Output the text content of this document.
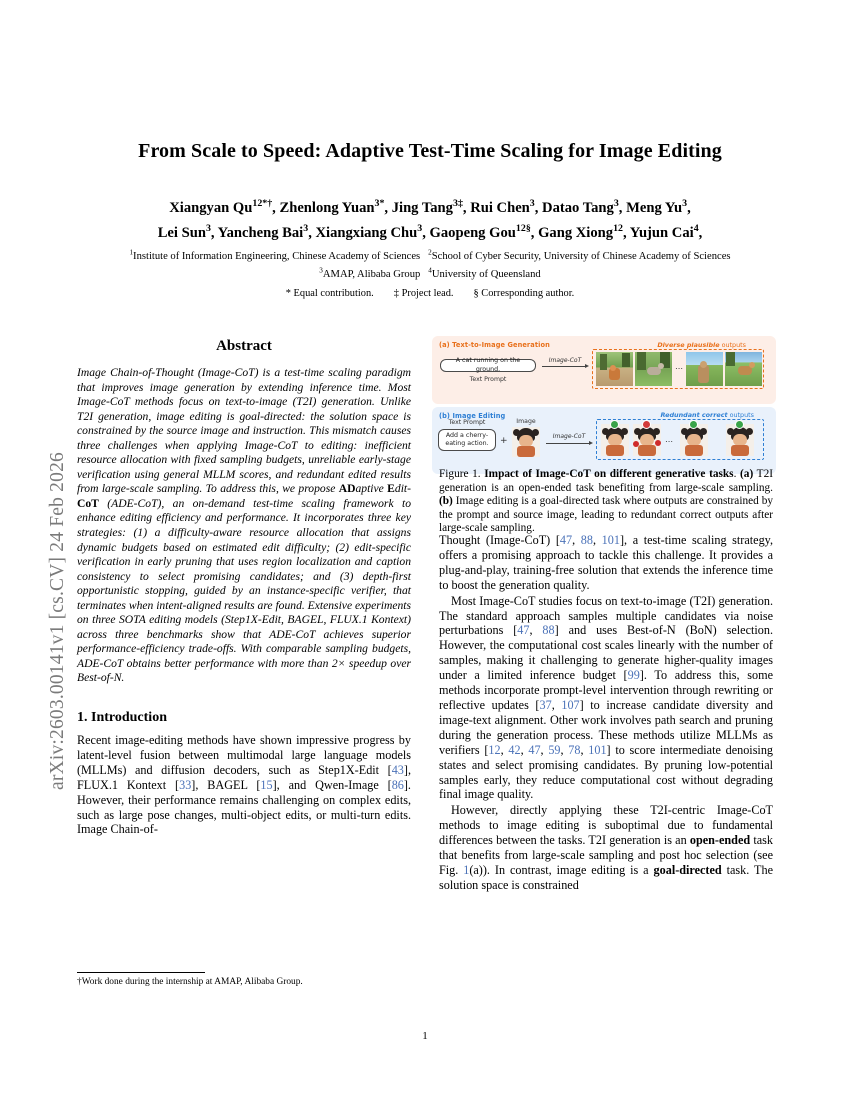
arXiv:2603.00141v1 [cs.CV] 24 Feb 2026
From Scale to Speed: Adaptive Test-Time Scaling for Image Editing
Xiangyan $Qu^{12*\dagger}$, Zhenlong Yuan$^{3*}$, Jing Tang$^{3\ddagger}$, Rui Chen$^3$, Datao Tang$^3$, Meng Yu$^3$,
Lei Sun$^3$, Yancheng Bai$^3$, Xiangxiang Chu$^3$, Gaopeng Gou$^{12\S}$, Gang Xiong$^{12}$, Yujun Cai$^4$,
$^1$Institute of Information Engineering, Chinese Academy of Sciences   $^2$School of Cyber Security, University of Chinese Academy of Sciences
$^3$AMAP, Alibaba Group   $^4$University of Queensland
* Equal contribution. ‡ Project lead. § Corresponding author.
Abstract
Image Chain-of-Thought (Image-CoT) is a test-time scaling paradigm that improves image generation by extending inference time. Most Image-CoT methods focus on text-to-image (T2I) generation. Unlike T2I generation, image editing is goal-directed: the solution space is constrained by the source image and instruction. This mismatch causes three challenges when applying Image-CoT to editing: inefficient resource allocation with fixed sampling budgets, unreliable early-stage verification using general MLLM scores, and redundant edited results from large-scale sampling. To address this, we propose ADaptive Edit-CoT (ADE-CoT), an on-demand test-time scaling framework to enhance editing efficiency and performance. It incorporates three key strategies: (1) a difficulty-aware resource allocation that assigns dynamic budgets based on estimated edit difficulty; (2) edit-specific verification in early pruning that uses region localization and caption consistency to select promising candidates; and (3) depth-first opportunistic stopping, guided by an instance-specific verifier, that terminates when intent-aligned results are found. Extensive experiments on three SOTA editing models (Step1X-Edit, BAGEL, FLUX.1 Kontext) across three benchmarks show that ADE-CoT achieves superior performance-efficiency trade-offs. With comparable sampling budgets, ADE-CoT obtains better performance with more than 2× speedup over Best-of-N.
1. Introduction

Recent image-editing methods have shown impressive progress by latent-level fusion between multimodal large language models (MLLMs) and diffusion decoders, such as Step1X-Edit [43], FLUX.1 Kontext [33], BAGEL [15], and Qwen-Image [86]. However, their performance remains challenging on complex edits, such as large pose changes, multi-object edits, or multi-turn edits. Image Chain-of-

(a) Text-to-Image Generation	Diverse plausible outputs
A cat running on the ground.
Text Prompt
Image-CoT
⋯
(b) Image Editing	Redundant correct outputs
Text Prompt
Add a cherry-eating action.	+
Image
Image-CoT
⋯
Figure 1. Impact of Image-CoT on different generative tasks. (a) T2I generation is an open-ended task benefiting from large-scale sampling. (b) Image editing is a goal-directed task where outputs are constrained by the prompt and source image, leading to redundant correct outputs after large-scale sampling.

Thought (Image-CoT) [47, 88, 101], a test-time scaling strategy, offers a promising approach to tackle this challenge. It provides a plug-and-play, training-free solution that extends the inference time to boost the generation quality.

Most Image-CoT studies focus on text-to-image (T2I) generation. The standard approach samples multiple candidates via noise perturbations [47, 88] and uses Best-of-N (BoN) selection. However, the computational cost scales linearly with the number of samples, making it challenging to generate higher-quality images under a limited inference budget [99]. To address this, some methods incorporate prompt-level intervention through rewriting or reflective updates [37, 107] to increase candidate diversity and image-text alignment. Other work involves path search and pruning during the generation process. These methods utilize MLLMs as verifiers [12, 42, 47, 59, 78, 101] to score intermediate denoising states and select promising candidates. By pruning low-potential samples early, they reduce computational cost without degrading final image quality.

However, directly applying these T2I-centric Image-CoT methods to image editing is suboptimal due to fundamental differences between the tasks. T2I generation is an open-ended task that benefits from large-scale sampling and post hoc selection (see Fig. 1(a)). In contrast, image editing is a goal-directed task. The solution space is constrained

†Work done during the internship at AMAP, Alibaba Group.
1
